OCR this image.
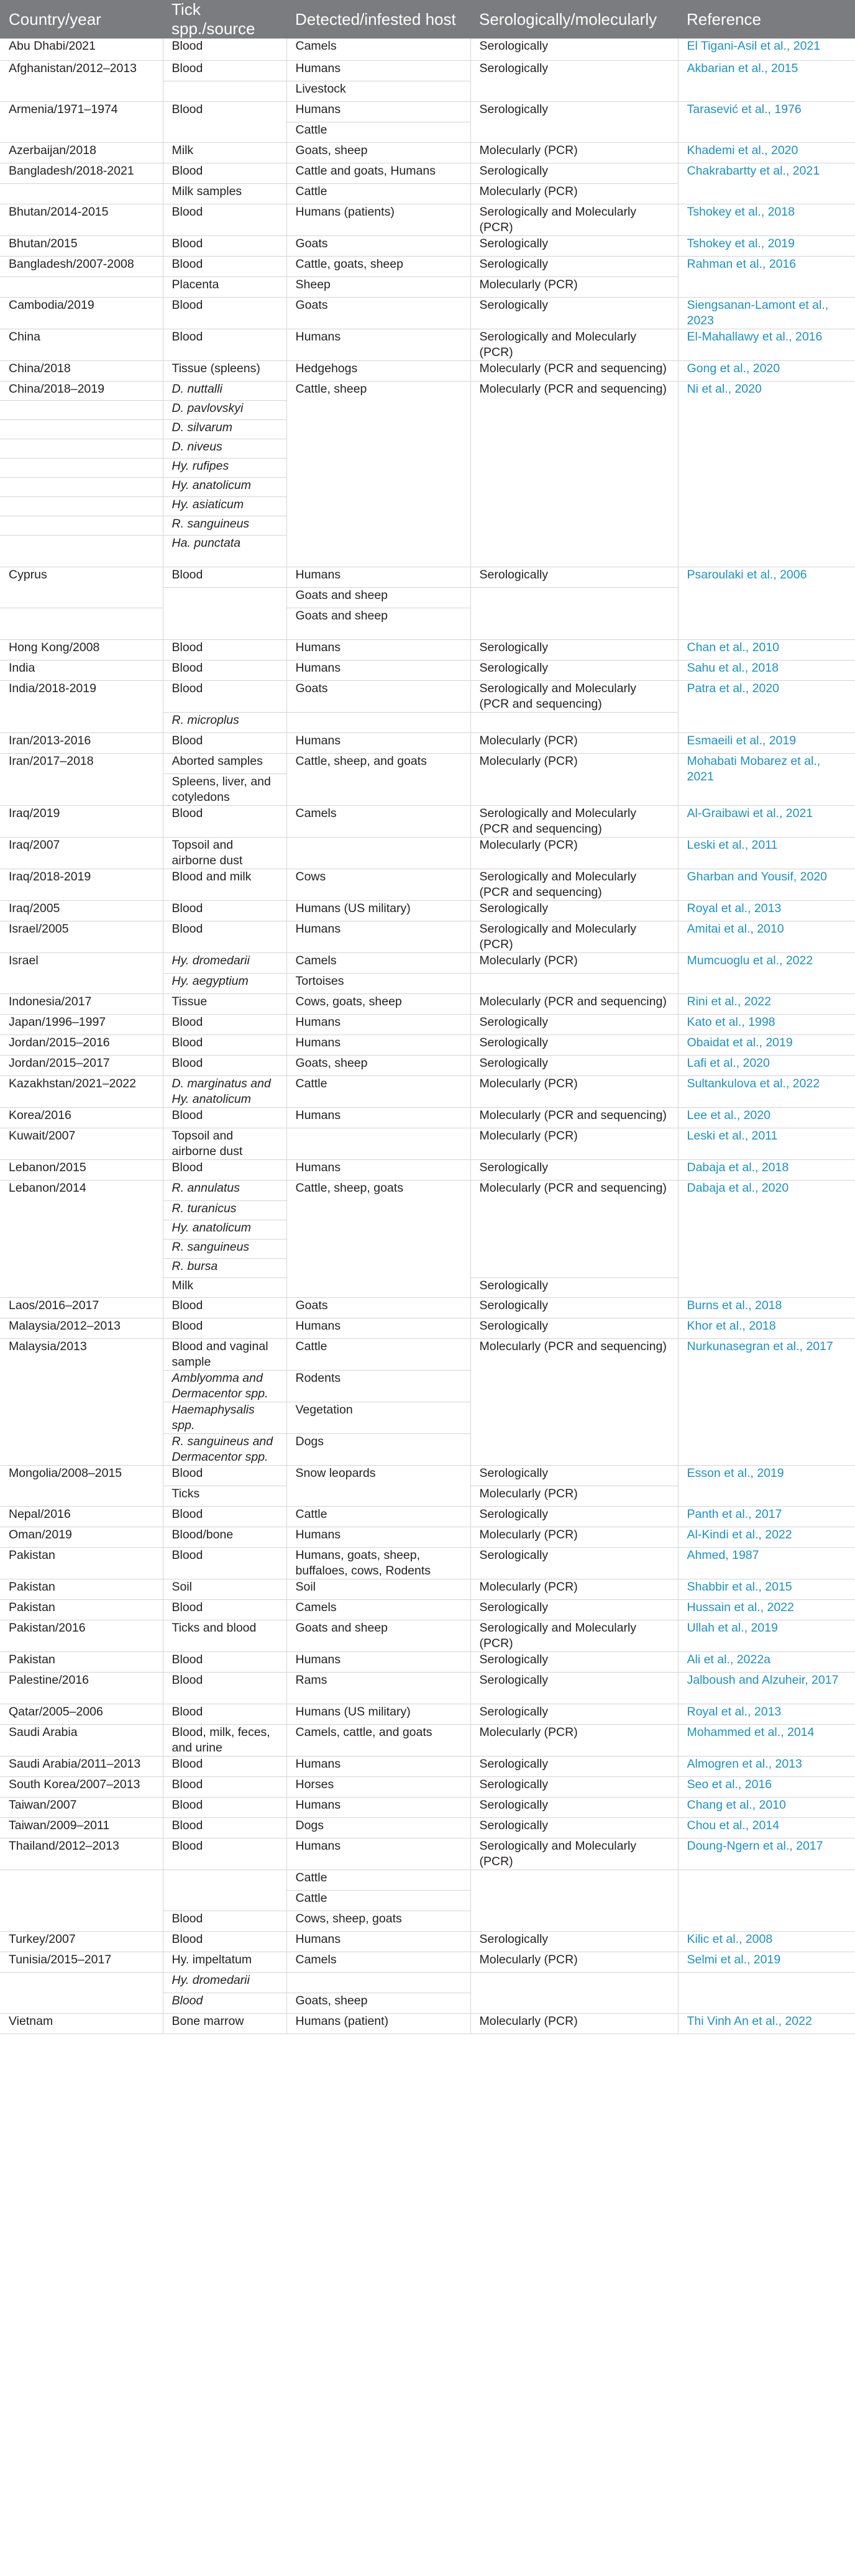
Country/year	Tick spp./source	Detected/infested host	Serologically/molecularly	Reference
Abu Dhabi/2021	Blood	Camels	Serologically	El Tigani-Asil et al., 2021
Afghanistan/2012–2013	Blood	Humans	Serologically	Akbarian et al., 2015
		Livestock		
Armenia/1971–1974	Blood	Humans	Serologically	Tarasević et al., 1976
		Cattle		
Azerbaijan/2018	Milk	Goats, sheep	Molecularly (PCR)	Khademi et al., 2020
Bangladesh/2018-2021	Blood	Cattle and goats, Humans	Serologically	Chakrabartty et al., 2021
	Milk samples	Cattle	Molecularly (PCR)	
Bhutan/2014-2015	Blood	Humans (patients)	Serologically and Molecularly (PCR)	Tshokey et al., 2018
Bhutan/2015	Blood	Goats	Serologically	Tshokey et al., 2019
Bangladesh/2007-2008	Blood	Cattle, goats, sheep	Serologically	Rahman et al., 2016
	Placenta	Sheep	Molecularly (PCR)	
Cambodia/2019	Blood	Goats	Serologically	Siengsanan-Lamont et al., 2023
China	Blood	Humans	Serologically and Molecularly (PCR)	El-Mahallawy et al., 2016
China/2018	Tissue (spleens)	Hedgehogs	Molecularly (PCR and sequencing)	Gong et al., 2020
China/2018–2019	D. nuttalli	Cattle, sheep	Molecularly (PCR and sequencing)	Ni et al., 2020
	D. pavlovskyi			
	D. silvarum			
	D. niveus			
	Hy. rufipes			
	Hy. anatolicum			
	Hy. asiaticum			
	R. sanguineus			
	Ha. punctata			
Cyprus	Blood	Humans	Serologically	Psaroulaki et al., 2006
		Goats and sheep		
		Goats and sheep		
Hong Kong/2008	Blood	Humans	Serologically	Chan et al., 2010
India	Blood	Humans	Serologically	Sahu et al., 2018
India/2018-2019	Blood	Goats	Serologically and Molecularly (PCR and sequencing)	Patra et al., 2020
	R. microplus			
Iran/2013-2016	Blood	Humans	Molecularly (PCR)	Esmaeili et al., 2019
Iran/2017–2018	Aborted samples	Cattle, sheep, and goats	Molecularly (PCR)	Mohabati Mobarez et al., 2021
	Spleens, liver, and cotyledons			
Iraq/2019	Blood	Camels	Serologically and Molecularly (PCR and sequencing)	Al-Graibawi et al., 2021
Iraq/2007	Topsoil and airborne dust		Molecularly (PCR)	Leski et al., 2011
Iraq/2018-2019	Blood and milk	Cows	Serologically and Molecularly (PCR and sequencing)	Gharban and Yousif, 2020
Iraq/2005	Blood	Humans (US military)	Serologically	Royal et al., 2013
Israel/2005	Blood	Humans	Serologically and Molecularly (PCR)	Amitai et al., 2010
Israel	Hy. dromedarii	Camels	Molecularly (PCR)	Mumcuoglu et al., 2022
	Hy. aegyptium	Tortoises		
Indonesia/2017	Tissue	Cows, goats, sheep	Molecularly (PCR and sequencing)	Rini et al., 2022
Japan/1996–1997	Blood	Humans	Serologically	Kato et al., 1998
Jordan/2015–2016	Blood	Humans	Serologically	Obaidat et al., 2019
Jordan/2015–2017	Blood	Goats, sheep	Serologically	Lafi et al., 2020
Kazakhstan/2021–2022	D. marginatus and Hy. anatolicum	Cattle	Molecularly (PCR)	Sultankulova et al., 2022
Korea/2016	Blood	Humans	Molecularly (PCR and sequencing)	Lee et al., 2020
Kuwait/2007	Topsoil and airborne dust		Molecularly (PCR)	Leski et al., 2011
Lebanon/2015	Blood	Humans	Serologically	Dabaja et al., 2018
Lebanon/2014	R. annulatus	Cattle, sheep, goats	Molecularly (PCR and sequencing)	Dabaja et al., 2020
	R. turanicus			
	Hy. anatolicum			
	R. sanguineus			
	R. bursa			
	Milk		Serologically	
Laos/2016–2017	Blood	Goats	Serologically	Burns et al., 2018
Malaysia/2012–2013	Blood	Humans	Serologically	Khor et al., 2018
Malaysia/2013	Blood and vaginal sample	Cattle	Molecularly (PCR and sequencing)	Nurkunasegran et al., 2017
	Amblyomma and Dermacentor spp.	Rodents		
	Haemaphysalis spp.	Vegetation		
	R. sanguineus and Dermacentor spp.	Dogs		
Mongolia/2008–2015	Blood	Snow leopards	Serologically	Esson et al., 2019
	Ticks		Molecularly (PCR)	
Nepal/2016	Blood	Cattle	Serologically	Panth et al., 2017
Oman/2019	Blood/bone	Humans	Molecularly (PCR)	Al-Kindi et al., 2022
Pakistan	Blood	Humans, goats, sheep, buffaloes, cows, Rodents	Serologically	Ahmed, 1987
Pakistan	Soil	Soil	Molecularly (PCR)	Shabbir et al., 2015
Pakistan	Blood	Camels	Serologically	Hussain et al., 2022
Pakistan/2016	Ticks and blood	Goats and sheep	Serologically and Molecularly (PCR)	Ullah et al., 2019
Pakistan	Blood	Humans	Serologically	Ali et al., 2022a
Palestine/2016	Blood	Rams	Serologically	Jalboush and Alzuheir, 2017
Qatar/2005–2006	Blood	Humans (US military)	Serologically	Royal et al., 2013
Saudi Arabia	Blood, milk, feces, and urine	Camels, cattle, and goats	Molecularly (PCR)	Mohammed et al., 2014
Saudi Arabia/2011–2013	Blood	Humans	Serologically	Almogren et al., 2013
South Korea/2007–2013	Blood	Horses	Serologically	Seo et al., 2016
Taiwan/2007	Blood	Humans	Serologically	Chang et al., 2010
Taiwan/2009–2011	Blood	Dogs	Serologically	Chou et al., 2014
Thailand/2012–2013	Blood	Humans	Serologically and Molecularly (PCR)	Doung-Ngern et al., 2017
		Cattle		
		Cattle		
	Blood	Cows, sheep, goats		
Turkey/2007	Blood	Humans	Serologically	Kilic et al., 2008
Tunisia/2015–2017	Hy. impeltatum	Camels	Molecularly (PCR)	Selmi et al., 2019
	Hy. dromedarii			
	Blood	Goats, sheep		
Vietnam	Bone marrow	Humans (patient)	Molecularly (PCR)	Thi Vinh An et al., 2022
